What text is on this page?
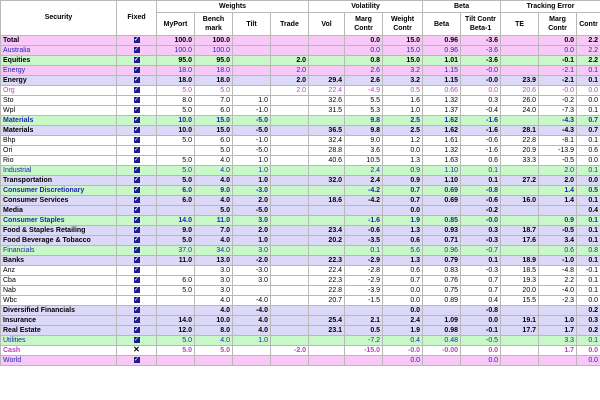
Security	Fixed	Weights				Volatility			Beta		Tracking Error		
		MyPort	Bench mark	Tilt	Trade	Vol	Marg Contr	Weight Contr	Beta	Tilt Contr Beta-1	TE	Marg Contr	Contr
Total	✓	100.0	100.0				0.0	15.0	0.96	-3.6		0.0	2.2
Australia	✓	100.0	100.0				0.0	15.0	0.96	-3.6		0.0	2.2
Equities	✓	95.0	95.0		2.0		0.8	15.0	1.01	-3.6		-0.1	2.2
Energy	✓	18.0	18.0		2.0		2.6	3.2	1.15	-0.0		-2.1	0.1
Energy	✓	18.0	18.0		2.0	29.4	2.6	3.2	1.15	-0.0	23.9	-2.1	0.1
Org	✓	5.0	5.0		2.0	22.4	-4.9	0.5	0.66	0.0	20.6	-0.0	0.0
Sto	✓	8.0	7.0	1.0		32.6	5.5	1.6	1.32	0.3	26.0	-0.2	0.0
Wpl	✓	5.0	6.0	-1.0		31.5	5.3	1.0	1.37	-0.4	24.0	-7.3	0.1
Materials	✓	10.0	15.0	-5.0			9.8	2.5	1.62	-1.6		-4.3	0.7
Materials	✓	10.0	15.0	-5.0		36.5	9.8	2.5	1.62	-1.6	28.1	-4.3	0.7
Bhp	✓	5.0	6.0	-1.0		32.4	9.0	1.2	1.61	-0.6	22.8	-8.1	0.1
Ori	✓		5.0	-5.0		28.8	3.6	0.0	1.32	-1.6	20.9	-13.9	0.6
Rio	✓	5.0	4.0	1.0		40.6	10.5	1.3	1.63	0.6	33.3	-0.5	0.0
Industrial	✓	5.0	4.0	1.0			2.4	0.9	1.10	0.1		2.0	0.1
Transportation	✓	5.0	4.0	1.0		32.0	2.4	0.9	1.10	0.1	27.2	2.0	0.0
Consumer Discretionary	✓	6.0	9.0	-3.0			-4.2	0.7	0.69	-0.8		1.4	0.5
Consumer Services	✓	6.0	4.0	2.0		18.6	-4.2	0.7	0.69	-0.6	16.0	1.4	0.1
Media	✓		5.0	-5.0				0.0		-0.2			0.4
Consumer Staples	✓	14.0	11.0	3.0			-1.6	1.9	0.85	-0.0		0.9	0.1
Food & Staples Retailing	✓	9.0	7.0	2.0		23.4	-0.6	1.3	0.93	0.3	18.7	-0.5	0.1
Food Beverage & Tobacco	✓	5.0	4.0	1.0		20.2	-3.5	0.6	0.71	-0.3	17.6	3.4	0.1
Financials	✓	37.0	34.0	3.0			0.1	5.6	0.96	-0.7		0.6	0.8
Banks	✓	11.0	13.0	-2.0		22.3	-2.9	1.3	0.79	0.1	18.9	-1.0	0.1
Anz	✓		3.0	-3.0		22.4	-2.8	0.6	0.83	-0.3	18.5	-4.8	-0.1
Cba	✓	6.0	3.0	3.0		22.3	-2.9	0.7	0.76	0.7	19.3	2.2	0.1
Nab	✓	5.0	3.0			22.8	-3.9	0.0	0.75	0.7	20.0	-4.0	0.1
Wbc	✓		4.0	-4.0		20.7	-1.5	0.0	0.89	0.4	15.5	-2.3	0.0
Diversified Financials	✓		4.0	-4.0				0.0		-0.8			0.2
Insurance	✓	14.0	10.0	4.0		25.4	2.1	2.4	1.09	0.0	19.1	1.0	0.3
Real Estate	✓	12.0	8.0	4.0		23.1	0.5	1.9	0.98	-0.1	17.7	1.7	0.2
Utilities	✓	5.0	4.0	1.0			-7.2	0.4	0.48	-0.5		3.3	0.1
Cash	✕	5.0	5.0		-2.0		-15.0	-0.0	-0.00	0.0		1.7	0.0
World	✓							0.0		0.0			0.0
